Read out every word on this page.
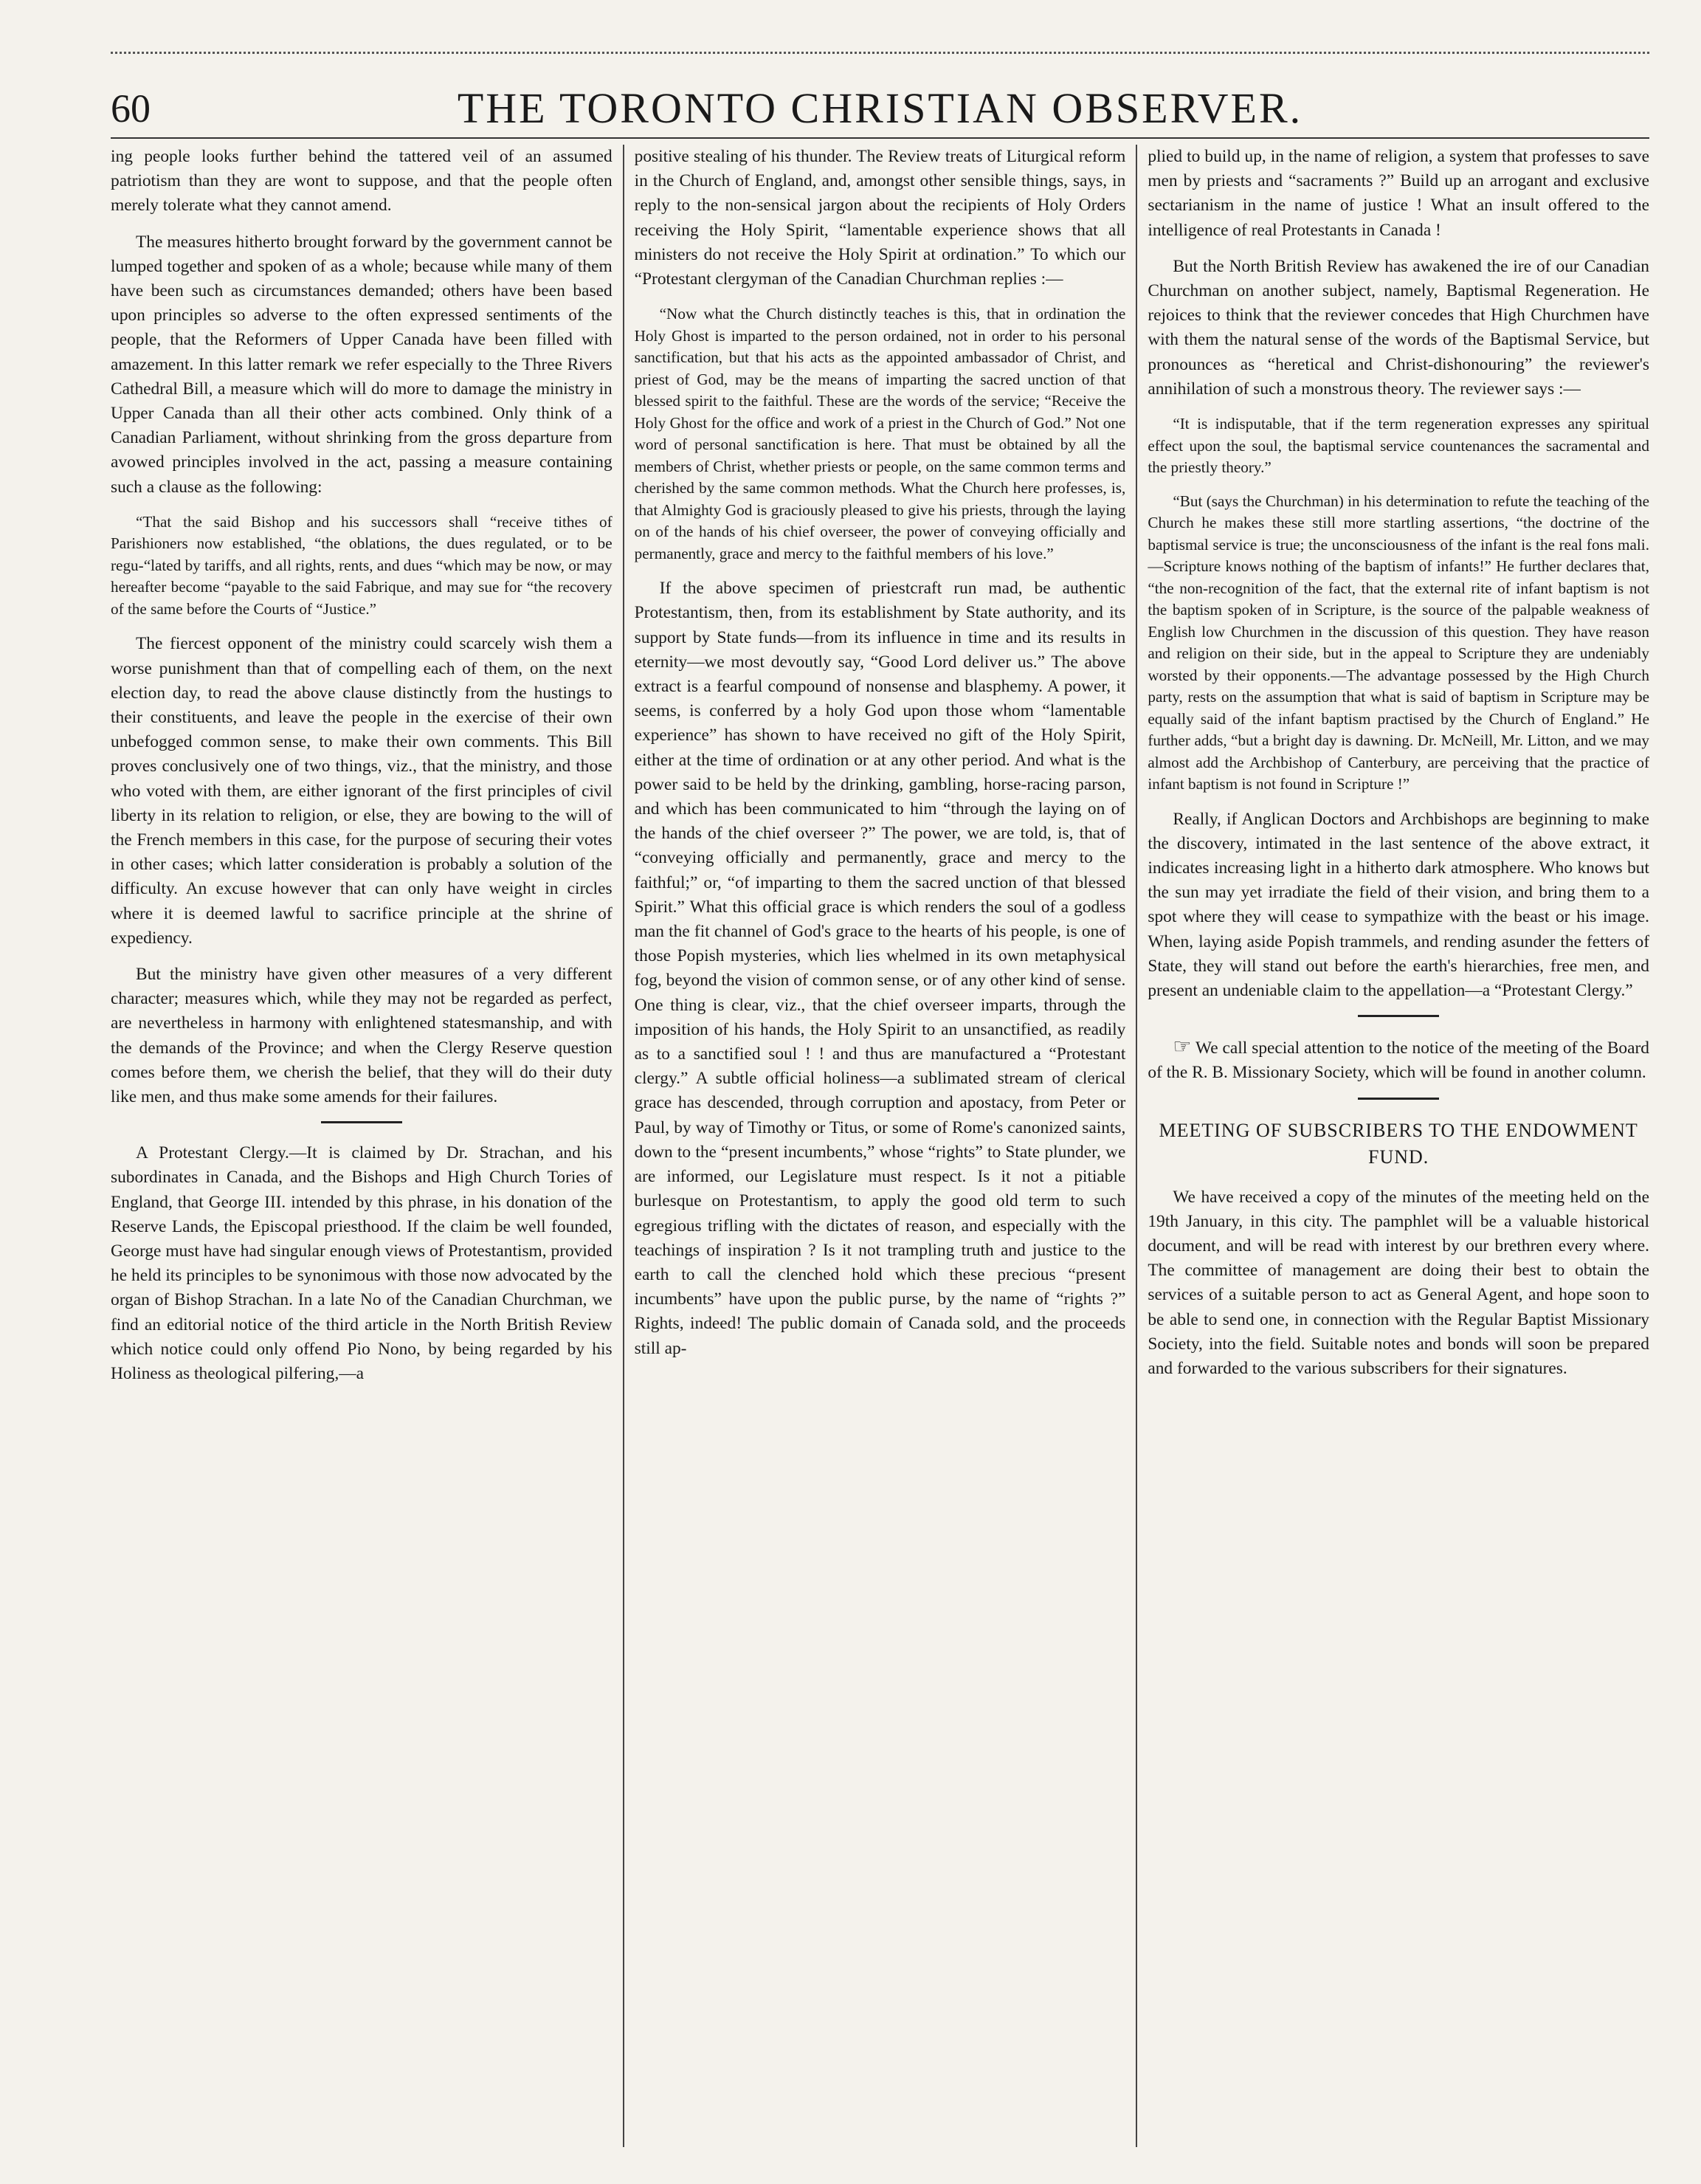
60	THE TORONTO CHRISTIAN OBSERVER.

ing people looks further behind the tattered veil of an assumed patriotism than they are wont to suppose, and that the people often merely tolerate what they cannot amend.

The measures hitherto brought forward by the government cannot be lumped together and spoken of as a whole; because while many of them have been such as circumstances demanded; others have been based upon principles so adverse to the often expressed sentiments of the people, that the Reformers of Upper Canada have been filled with amazement. In this latter remark we refer especially to the Three Rivers Cathedral Bill, a measure which will do more to damage the ministry in Upper Canada than all their other acts combined. Only think of a Canadian Parliament, without shrinking from the gross departure from avowed principles involved in the act, passing a measure containing such a clause as the following:

“That the said Bishop and his successors shall “receive tithes of Parishioners now established, “the oblations, the dues regulated, or to be regu-“lated by tariffs, and all rights, rents, and dues “which may be now, or may hereafter become “payable to the said Fabrique, and may sue for “the recovery of the same before the Courts of “Justice.”

The fiercest opponent of the ministry could scarcely wish them a worse punishment than that of compelling each of them, on the next election day, to read the above clause distinctly from the hustings to their constituents, and leave the people in the exercise of their own unbefogged common sense, to make their own comments. This Bill proves conclusively one of two things, viz., that the ministry, and those who voted with them, are either ignorant of the first principles of civil liberty in its relation to religion, or else, they are bowing to the will of the French members in this case, for the purpose of securing their votes in other cases; which latter consideration is probably a solution of the difficulty. An excuse however that can only have weight in circles where it is deemed lawful to sacrifice principle at the shrine of expediency.

But the ministry have given other measures of a very different character; measures which, while they may not be regarded as perfect, are nevertheless in harmony with enlightened statesmanship, and with the demands of the Province; and when the Clergy Reserve question comes before them, we cherish the belief, that they will do their duty like men, and thus make some amends for their failures.

A Protestant Clergy.—It is claimed by Dr. Strachan, and his subordinates in Canada, and the Bishops and High Church Tories of England, that George III. intended by this phrase, in his donation of the Reserve Lands, the Episcopal priesthood. If the claim be well founded, George must have had singular enough views of Protestantism, provided he held its principles to be synonimous with those now advocated by the organ of Bishop Strachan. In a late No of the Canadian Churchman, we find an editorial notice of the third article in the North British Review which notice could only offend Pio Nono, by being regarded by his Holiness as theological pilfering,—a

positive stealing of his thunder. The Review treats of Liturgical reform in the Church of England, and, amongst other sensible things, says, in reply to the non-sensical jargon about the recipients of Holy Orders receiving the Holy Spirit, “lamentable experience shows that all ministers do not receive the Holy Spirit at ordination.” To which our “Protestant clergyman of the Canadian Churchman replies :—

“Now what the Church distinctly teaches is this, that in ordination the Holy Ghost is imparted to the person ordained, not in order to his personal sanctification, but that his acts as the appointed ambassador of Christ, and priest of God, may be the means of imparting the sacred unction of that blessed spirit to the faithful. These are the words of the service; “Receive the Holy Ghost for the office and work of a priest in the Church of God.” Not one word of personal sanctification is here. That must be obtained by all the members of Christ, whether priests or people, on the same common terms and cherished by the same common methods. What the Church here professes, is, that Almighty God is graciously pleased to give his priests, through the laying on of the hands of his chief overseer, the power of conveying officially and permanently, grace and mercy to the faithful members of his love.”

If the above specimen of priestcraft run mad, be authentic Protestantism, then, from its establishment by State authority, and its support by State funds—from its influence in time and its results in eternity—we most devoutly say, “Good Lord deliver us.” The above extract is a fearful compound of nonsense and blasphemy. A power, it seems, is conferred by a holy God upon those whom “lamentable experience” has shown to have received no gift of the Holy Spirit, either at the time of ordination or at any other period. And what is the power said to be held by the drinking, gambling, horse-racing parson, and which has been communicated to him “through the laying on of the hands of the chief overseer ?” The power, we are told, is, that of “conveying officially and permanently, grace and mercy to the faithful;” or, “of imparting to them the sacred unction of that blessed Spirit.” What this official grace is which renders the soul of a godless man the fit channel of God's grace to the hearts of his people, is one of those Popish mysteries, which lies whelmed in its own metaphysical fog, beyond the vision of common sense, or of any other kind of sense. One thing is clear, viz., that the chief overseer imparts, through the imposition of his hands, the Holy Spirit to an unsanctified, as readily as to a sanctified soul ! ! and thus are manufactured a “Protestant clergy.” A subtle official holiness—a sublimated stream of clerical grace has descended, through corruption and apostacy, from Peter or Paul, by way of Timothy or Titus, or some of Rome's canonized saints, down to the “present incumbents,” whose “rights” to State plunder, we are informed, our Legislature must respect. Is it not a pitiable burlesque on Protestantism, to apply the good old term to such egregious trifling with the dictates of reason, and especially with the teachings of inspiration ? Is it not trampling truth and justice to the earth to call the clenched hold which these precious “present incumbents” have upon the public purse, by the name of “rights ?” Rights, indeed! The public domain of Canada sold, and the proceeds still ap-

plied to build up, in the name of religion, a system that professes to save men by priests and “sacraments ?” Build up an arrogant and exclusive sectarianism in the name of justice ! What an insult offered to the intelligence of real Protestants in Canada !

But the North British Review has awakened the ire of our Canadian Churchman on another subject, namely, Baptismal Regeneration. He rejoices to think that the reviewer concedes that High Churchmen have with them the natural sense of the words of the Baptismal Service, but pronounces as “heretical and Christ-dishonouring” the reviewer's annihilation of such a monstrous theory. The reviewer says :—

“It is indisputable, that if the term regeneration expresses any spiritual effect upon the soul, the baptismal service countenances the sacramental and the priestly theory.”

“But (says the Churchman) in his determination to refute the teaching of the Church he makes these still more startling assertions, “the doctrine of the baptismal service is true; the unconsciousness of the infant is the real fons mali.—Scripture knows nothing of the baptism of infants!” He further declares that, “the non-recognition of the fact, that the external rite of infant baptism is not the baptism spoken of in Scripture, is the source of the palpable weakness of English low Churchmen in the discussion of this question. They have reason and religion on their side, but in the appeal to Scripture they are undeniably worsted by their opponents.—The advantage possessed by the High Church party, rests on the assumption that what is said of baptism in Scripture may be equally said of the infant baptism practised by the Church of England.” He further adds, “but a bright day is dawning. Dr. McNeill, Mr. Litton, and we may almost add the Archbishop of Canterbury, are perceiving that the practice of infant baptism is not found in Scripture !”

Really, if Anglican Doctors and Archbishops are beginning to make the discovery, intimated in the last sentence of the above extract, it indicates increasing light in a hitherto dark atmosphere. Who knows but the sun may yet irradiate the field of their vision, and bring them to a spot where they will cease to sympathize with the beast or his image. When, laying aside Popish trammels, and rending asunder the fetters of State, they will stand out before the earth's hierarchies, free men, and present an undeniable claim to the appellation—a “Protestant Clergy.”

☞ We call special attention to the notice of the meeting of the Board of the R. B. Missionary Society, which will be found in another column.

MEETING OF SUBSCRIBERS TO THE ENDOWMENT FUND.

We have received a copy of the minutes of the meeting held on the 19th January, in this city. The pamphlet will be a valuable historical document, and will be read with interest by our brethren every where. The committee of management are doing their best to obtain the services of a suitable person to act as General Agent, and hope soon to be able to send one, in connection with the Regular Baptist Missionary Society, into the field. Suitable notes and bonds will soon be prepared and forwarded to the various subscribers for their signatures.
